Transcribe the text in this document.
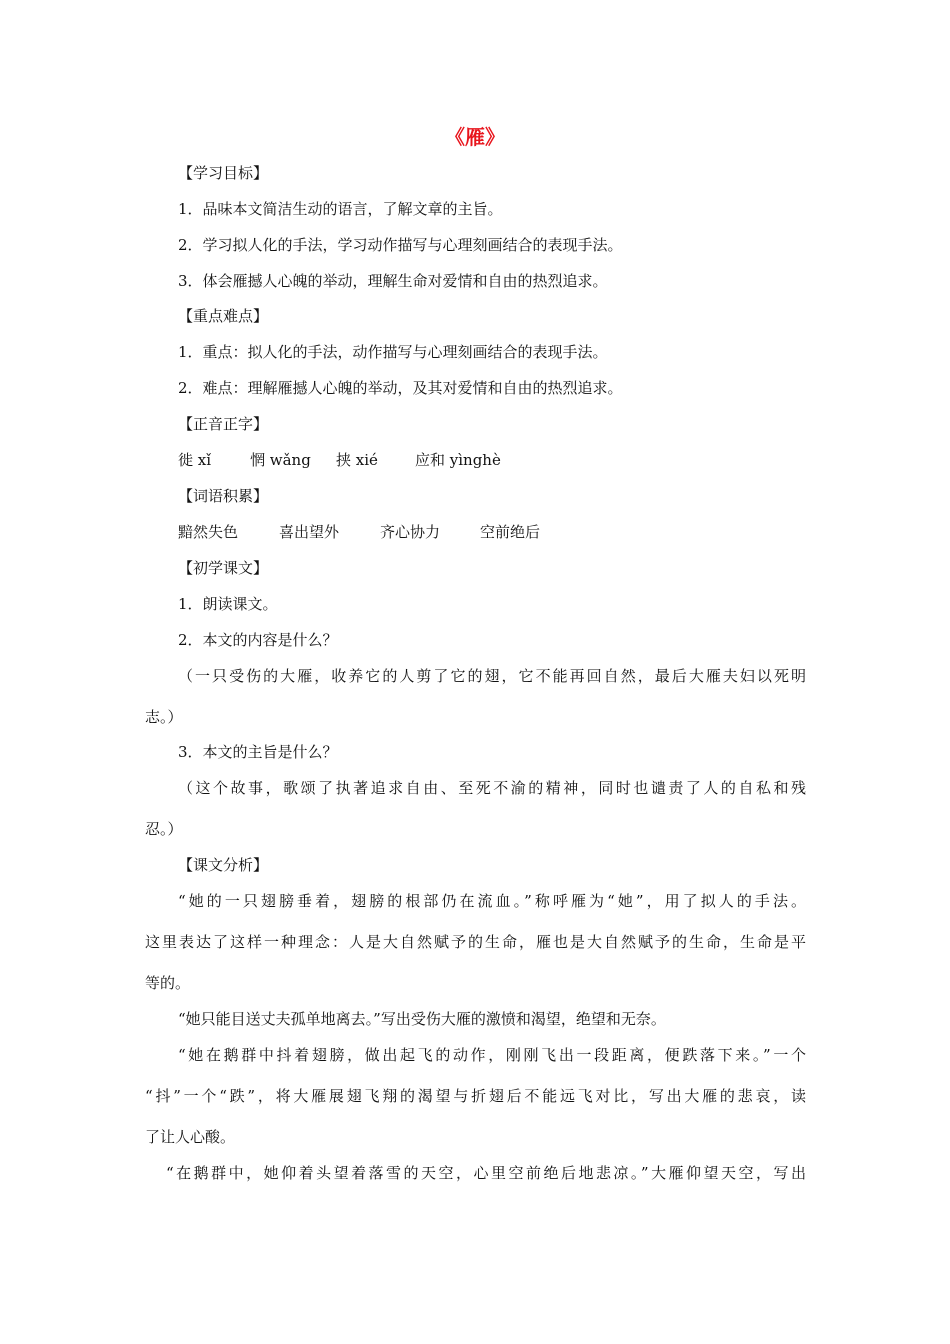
《雁》
【学习目标】
1．品味本文简洁生动的语言，了解文章的主旨。
2．学习拟人化的手法，学习动作描写与心理刻画结合的表现手法。
3．体会雁撼人心魄的举动，理解生命对爱情和自由的热烈追求。
【重点难点】
1．重点：拟人化的手法，动作描写与心理刻画结合的表现手法。
2．难点：理解雁撼人心魄的举动，及其对爱情和自由的热烈追求。
【正音正字】
徙 xǐ	惘 wǎng 挟 xié 应和 yìnghè
【词语积累】
黯然失色	喜出望外	齐心协力	空前绝后
【初学课文】
1．朗读课文。
2．本文的内容是什么？
（一只受伤的大雁，收养它的人剪了它的翅，它不能再回自然，最后大雁夫妇以死明
志。）
3．本文的主旨是什么？
（这个故事，歌颂了执著追求自由、至死不渝的精神，同时也谴责了人的自私和残
忍。）
【课文分析】
“她的一只翅膀垂着，翅膀的根部仍在流血。”称呼雁为“她”，用了拟人的手法。
这里表达了这样一种理念：人是大自然赋予的生命，雁也是大自然赋予的生命，生命是平
等的。
“她只能目送丈夫孤单地离去。”写出受伤大雁的激愤和渴望，绝望和无奈。
“她在鹅群中抖着翅膀，做出起飞的动作，刚刚飞出一段距离，便跌落下来。”一个
“抖”一个“跌”，将大雁展翅飞翔的渴望与折翅后不能远飞对比，写出大雁的悲哀，读
了让人心酸。
“在鹅群中，她仰着头望着落雪的天空，心里空前绝后地悲凉。”大雁仰望天空，写出
